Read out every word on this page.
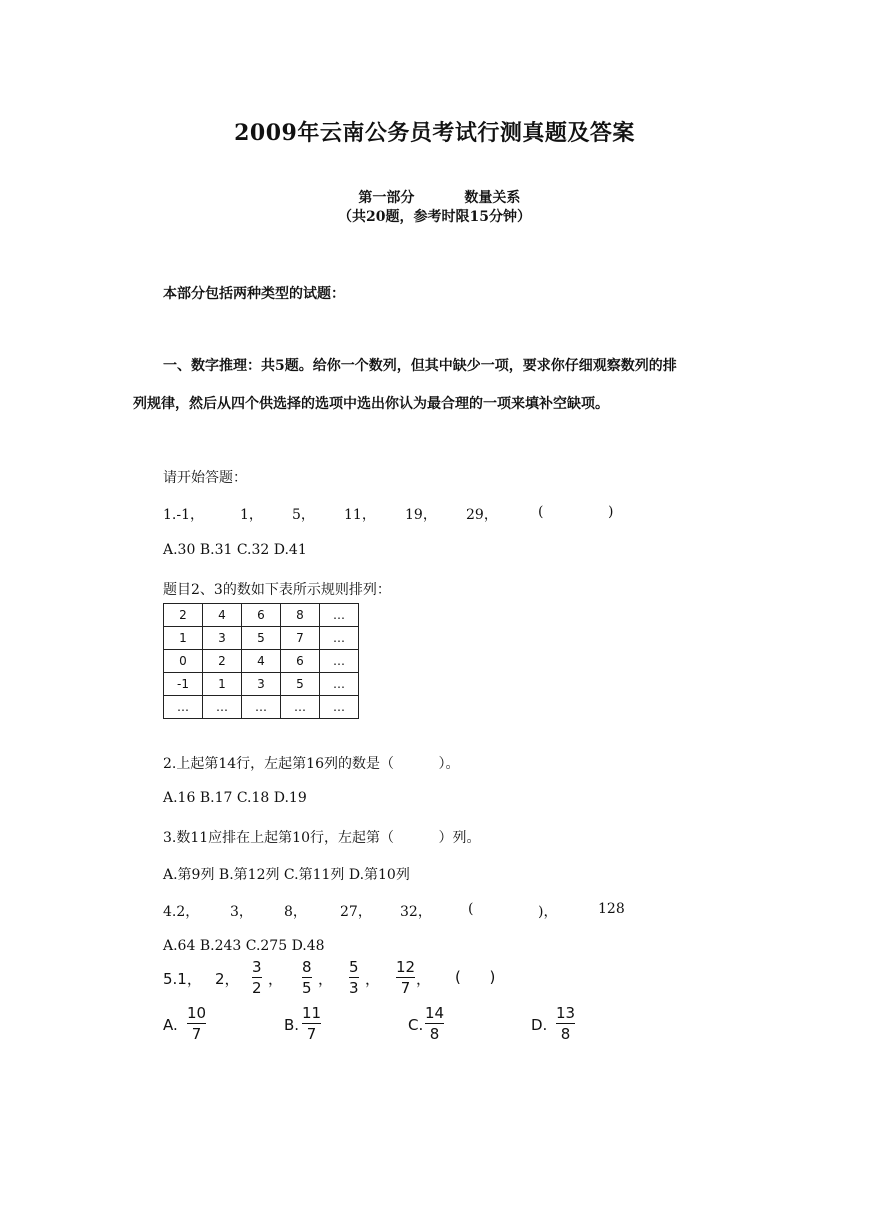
2009年云南公务员考试行测真题及答案

第一部分	数量关系

（共20题，参考时限15分钟）
本部分包括两种类型的试题：
一、数字推理：共5题。给你一个数列，但其中缺少一项，要求你仔细观察数列的排
列规律，然后从四个供选择的选项中选出你认为最合理的一项来填补空缺项。
请开始答题：
1.-1，	1， 5， 11， 19， 29，	(	)
A.30 B.31 C.32 D.41
题目2、3的数如下表所示规则排列：
2	4	6	8	…
1	3	5	7	…
0	2	4	6	…
-1	1	3	5	…
…	…	…	…	…
2.上起第14行，左起第16列的数是（          ）。
A.16 B.17 C.18 D.19
3.数11应排在上起第10行，左起第（          ）列。
A.第9列 B.第12列 C.第11列 D.第10列
4.2， 3， 8， 27， 32，	(	)，	128
A.64 B.243 C.275 D.48
5.1， 2，
3
2 ，
8
5 ，
5
3 ，
12
7 ， (      )
A.
10
7	B.
11
7	C.
14
8	D.
13
8
